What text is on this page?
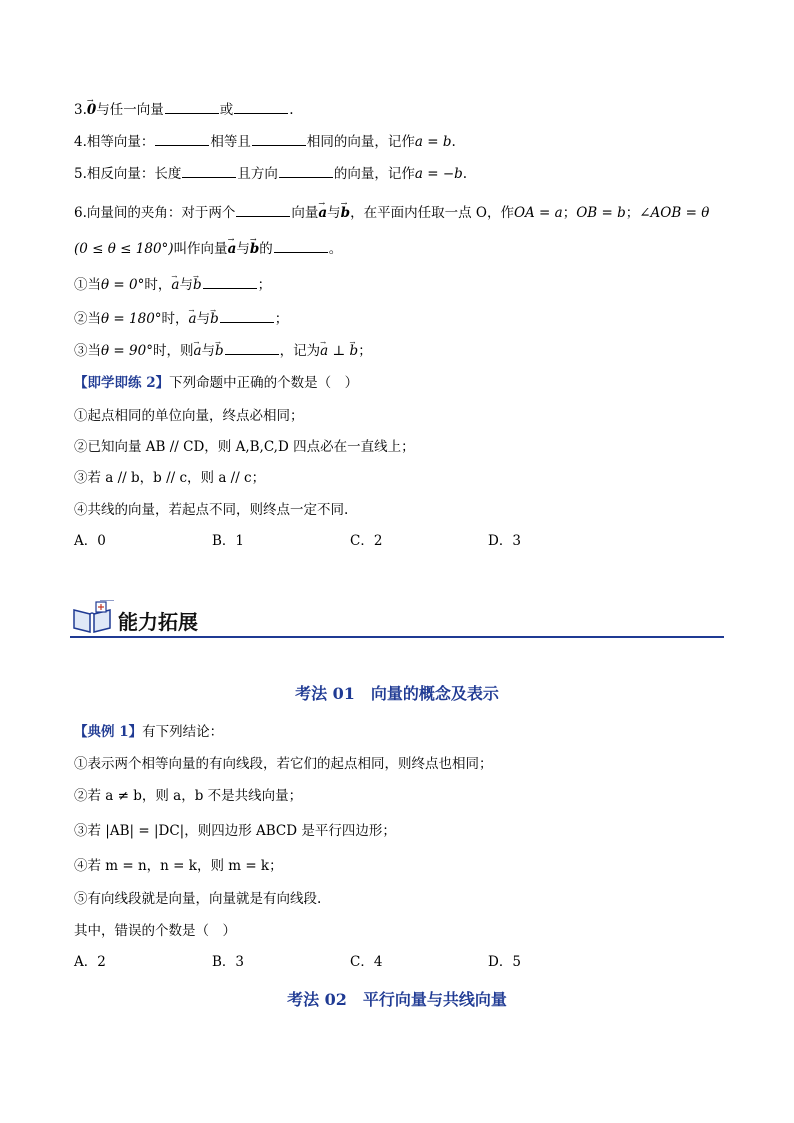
3.→ 0与任一向量	或	.
4.相等向量：	相等且	相同的向量，记作a = b.
5.相反向量：长度	且方向	的向量，记作a = −b.
6.向量间的夹角：对于两个	向量→ a与→ b，在平面内任取一点 O，作OA = a；OB = b；∠AOB = θ
(0 ≤ θ ≤ 180°)叫作向量→ a与→ b的	。
①当θ = 0°时，→ a与→ b	；
②当θ = 180°时，→ a与→ b	；
③当θ = 90°时，则→ a与→ b	，记为→ a ⊥ → b；
【即学即练 2】下列命题中正确的个数是（　）
①起点相同的单位向量，终点必相同；
②已知向量 AB // CD，则 A,B,C,D 四点必在一直线上；
③若 a // b，b // c，则 a // c；
④共线的向量，若起点不同，则终点一定不同.
A．0	B．1	C．2	D．3
能力拓展
考法 01　向量的概念及表示
【典例 1】有下列结论：
①表示两个相等向量的有向线段，若它们的起点相同，则终点也相同；
②若 a ≠ b，则 a，b 不是共线向量；
③若 |AB| = |DC|，则四边形 ABCD 是平行四边形；
④若 m = n，n = k，则 m = k；
⑤有向线段就是向量，向量就是有向线段.
其中，错误的个数是（　）
A．2	B．3	C．4	D．5
考法 02　平行向量与共线向量
